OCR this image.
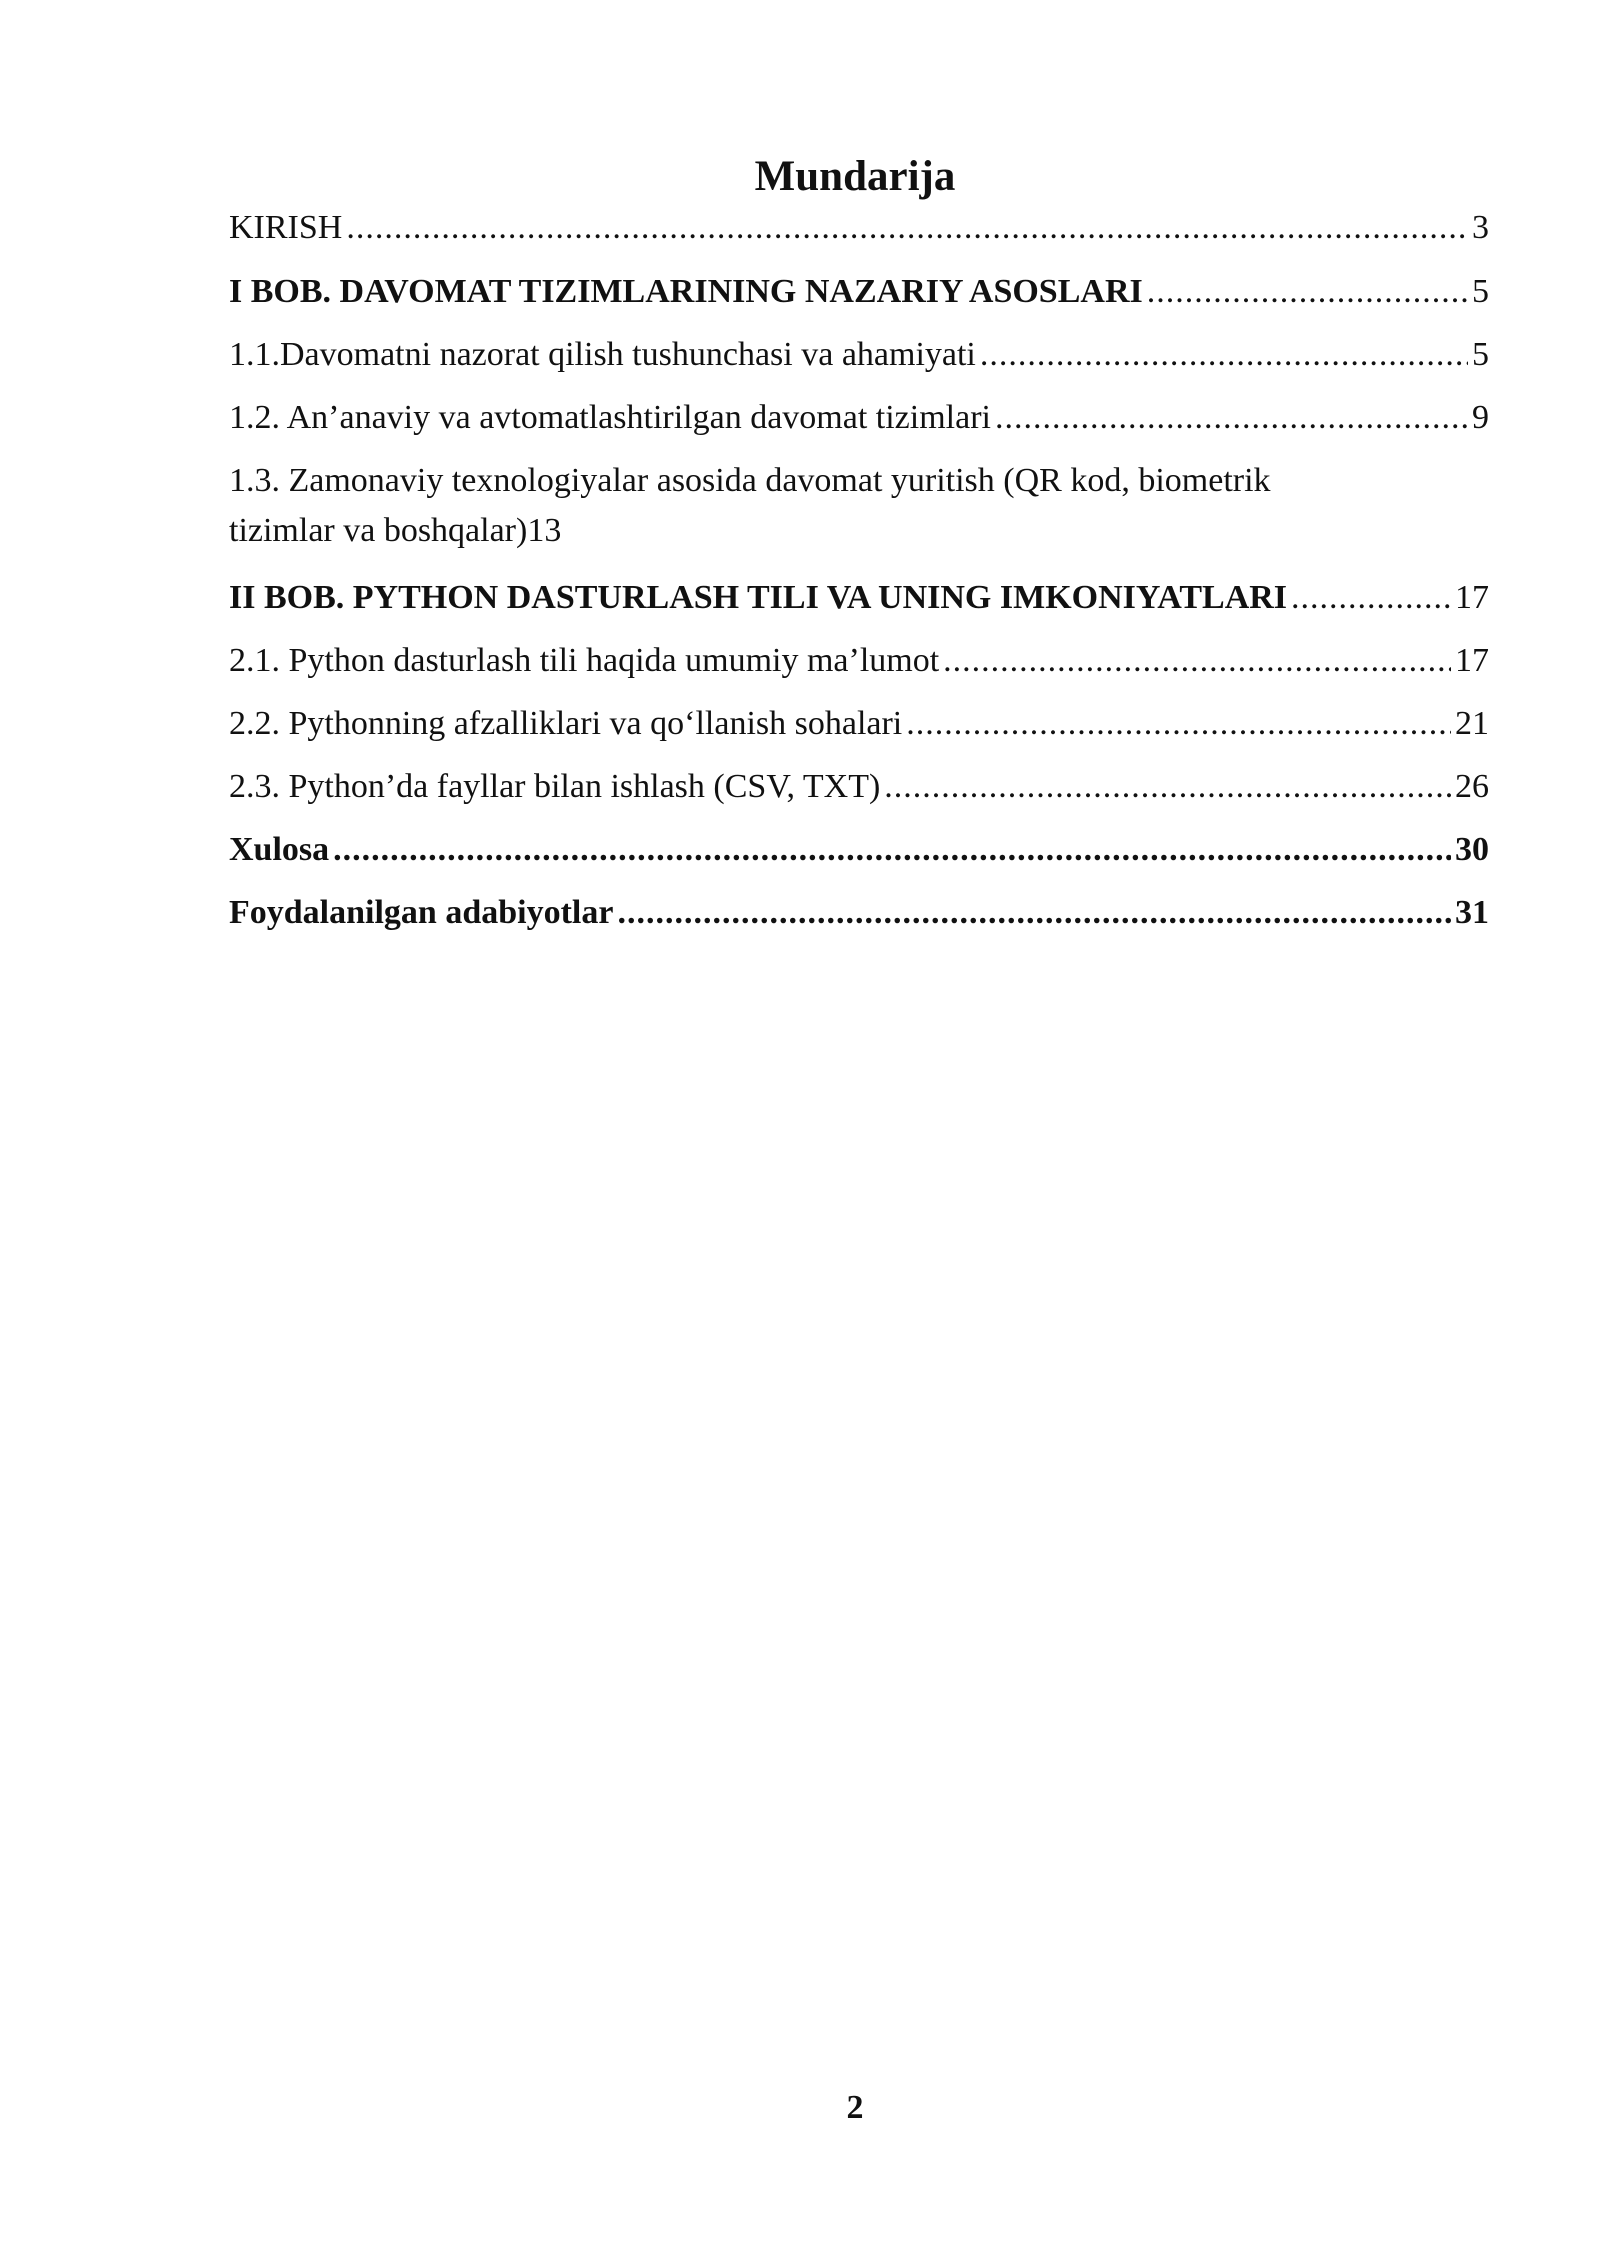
Mundarija
KIRISH .....	3
I BOB. DAVOMAT TIZIMLARINING NAZARIY ASOSLARI .....	5
1.1.Davomatni nazorat qilish tushunchasi va ahamiyati .....	5
1.2. An’anaviy va avtomatlashtirilgan davomat tizimlari .....	9
1.3. Zamonaviy texnologiyalar asosida davomat yuritish (QR kod, biometrik
tizimlar va boshqalar) 13
II BOB. PYTHON DASTURLASH TILI VA UNING IMKONIYATLARI .....	17
2.1. Python dasturlash tili haqida umumiy ma’lumot .....	17
2.2. Pythonning afzalliklari va qo‘llanish sohalari .....	21
2.3. Python’da fayllar bilan ishlash (CSV, TXT) .....	26
Xulosa .....	30
Foydalanilgan adabiyotlar .....	31
2
